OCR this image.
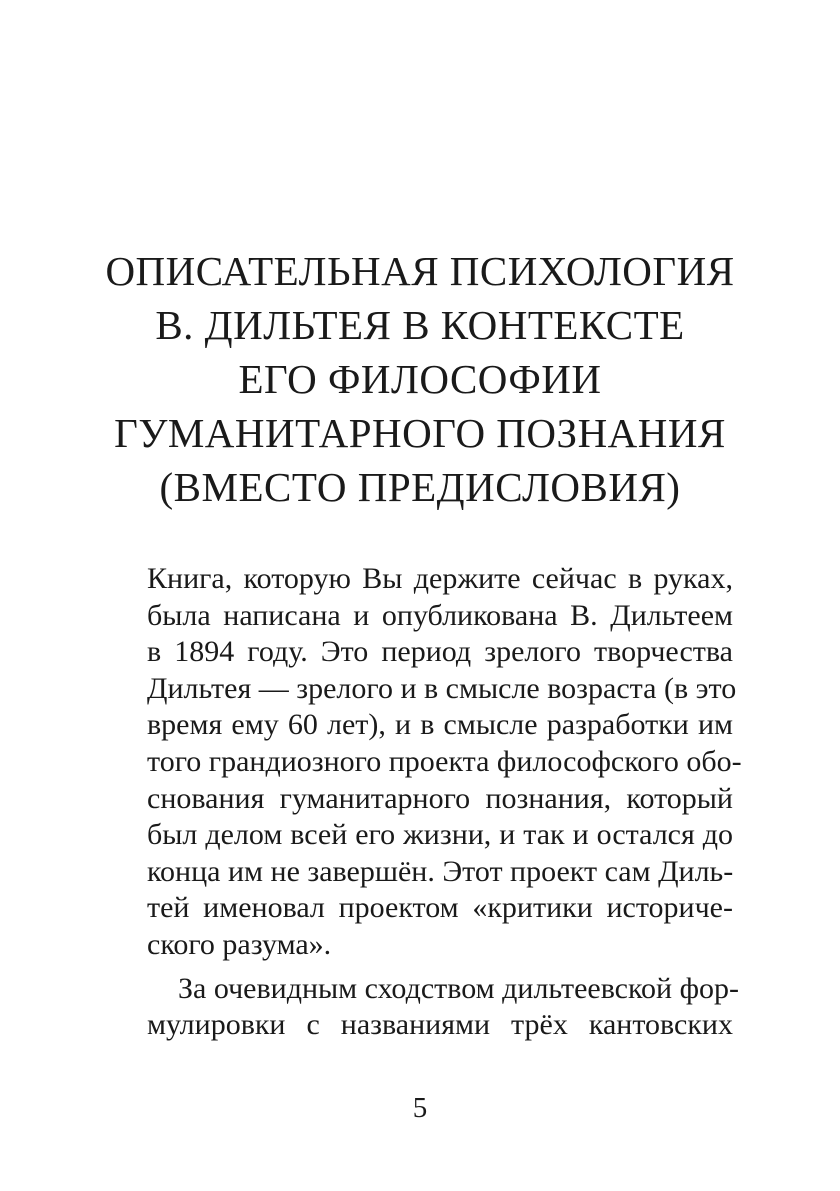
ОПИСАТЕЛЬНАЯ ПСИХОЛОГИЯ
В. ДИЛЬТЕЯ В КОНТЕКСТЕ
ЕГО ФИЛОСОФИИ
ГУМАНИТАРНОГО ПОЗНАНИЯ
(ВМЕСТО ПРЕДИСЛОВИЯ)
Книга, которую Вы держите сейчас в руках,
была написана и опубликована В. Дильтеем
в 1894 году. Это период зрелого творчества
Дильтея — зрелого и в смысле возраста (в это
время ему 60 лет), и в смысле разработки им
того грандиозного проекта философского обо-
снования гуманитарного познания, который
был делом всей его жизни, и так и остался до
конца им не завершён. Этот проект сам Диль-
тей именовал проектом «критики историче-
ского разума».
За очевидным сходством дильтеевской фор-
мулировки с названиями трёх кантовских
5
